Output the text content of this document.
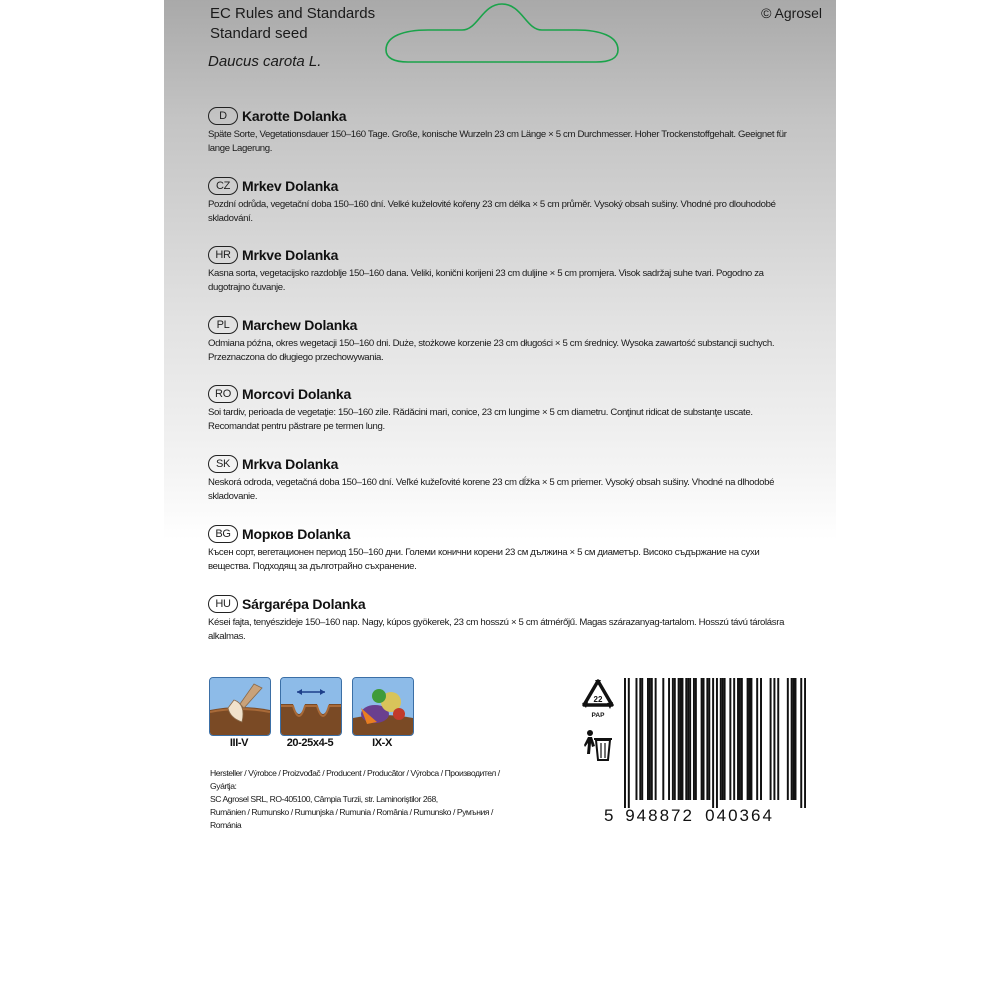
EC Rules and Standards
Standard seed
Daucus carota L.
© Agrosel
D	Karotte Dolanka
Späte Sorte, Vegetationsdauer 150–160 Tage. Große, konische Wurzeln 23 cm Länge × 5 cm Durchmesser. Hoher Trockenstoffgehalt. Geeignet für lange Lagerung.
CZ Mrkev Dolanka
Pozdní odrůda, vegetační doba 150–160 dní. Velké kuželovité kořeny 23 cm délka × 5 cm průměr. Vysoký obsah sušiny. Vhodné pro dlouhodobé skladování.
HR Mrkve Dolanka
Kasna sorta, vegetacijsko razdoblje 150–160 dana. Veliki, konični korijeni 23 cm duljine × 5 cm promjera. Visok sadržaj suhe tvari. Pogodno za dugotrajno čuvanje.
PL Marchew Dolanka
Odmiana późna, okres wegetacji 150–160 dni. Duże, stożkowe korzenie 23 cm długości × 5 cm średnicy. Wysoka zawartość substancji suchych. Przeznaczona do długiego przechowywania.
RO Morcovi Dolanka
Soi tardiv, perioada de vegetaţie: 150–160 zile. Rădăcini mari, conice, 23 cm lungime × 5 cm diametru. Conţinut ridicat de substanţe uscate. Recomandat pentru păstrare pe termen lung.
SK Mrkva Dolanka
Neskorá odroda, vegetačná doba 150–160 dní. Veľké kužeľovité korene 23 cm dĺžka × 5 cm priemer. Vysoký obsah sušiny. Vhodné na dlhodobé skladovanie.
BG Морков Dolanka
Късен сорт, вегетационен период 150–160 дни. Големи конични корени 23 см дължина × 5 см диаметър. Високо съдържание на сухи вещества. Подходящ за дълготрайно съхранение.
HU Sárgarépa Dolanka
Kései fajta, tenyészideje 150–160 nap. Nagy, kúpos gyökerek, 23 cm hosszú × 5 cm átmérőjű. Magas szárazanyag-tartalom. Hosszú távú tárolásra alkalmas.
III-V	20-25x4-5	IX-X
Hersteller / Výrobce / Proizvođač / Producent / Producător / Výrobca / Производител / Gyártja:
SC Agrosel SRL, RO-405100, Câmpia Turzii, str. Laminoriştilor 268,
Rumänien / Rumunsko / Rumunjska / Rumunia / România / Rumunsko / Румъния / Románia
22
PAP
5 948872 040364
